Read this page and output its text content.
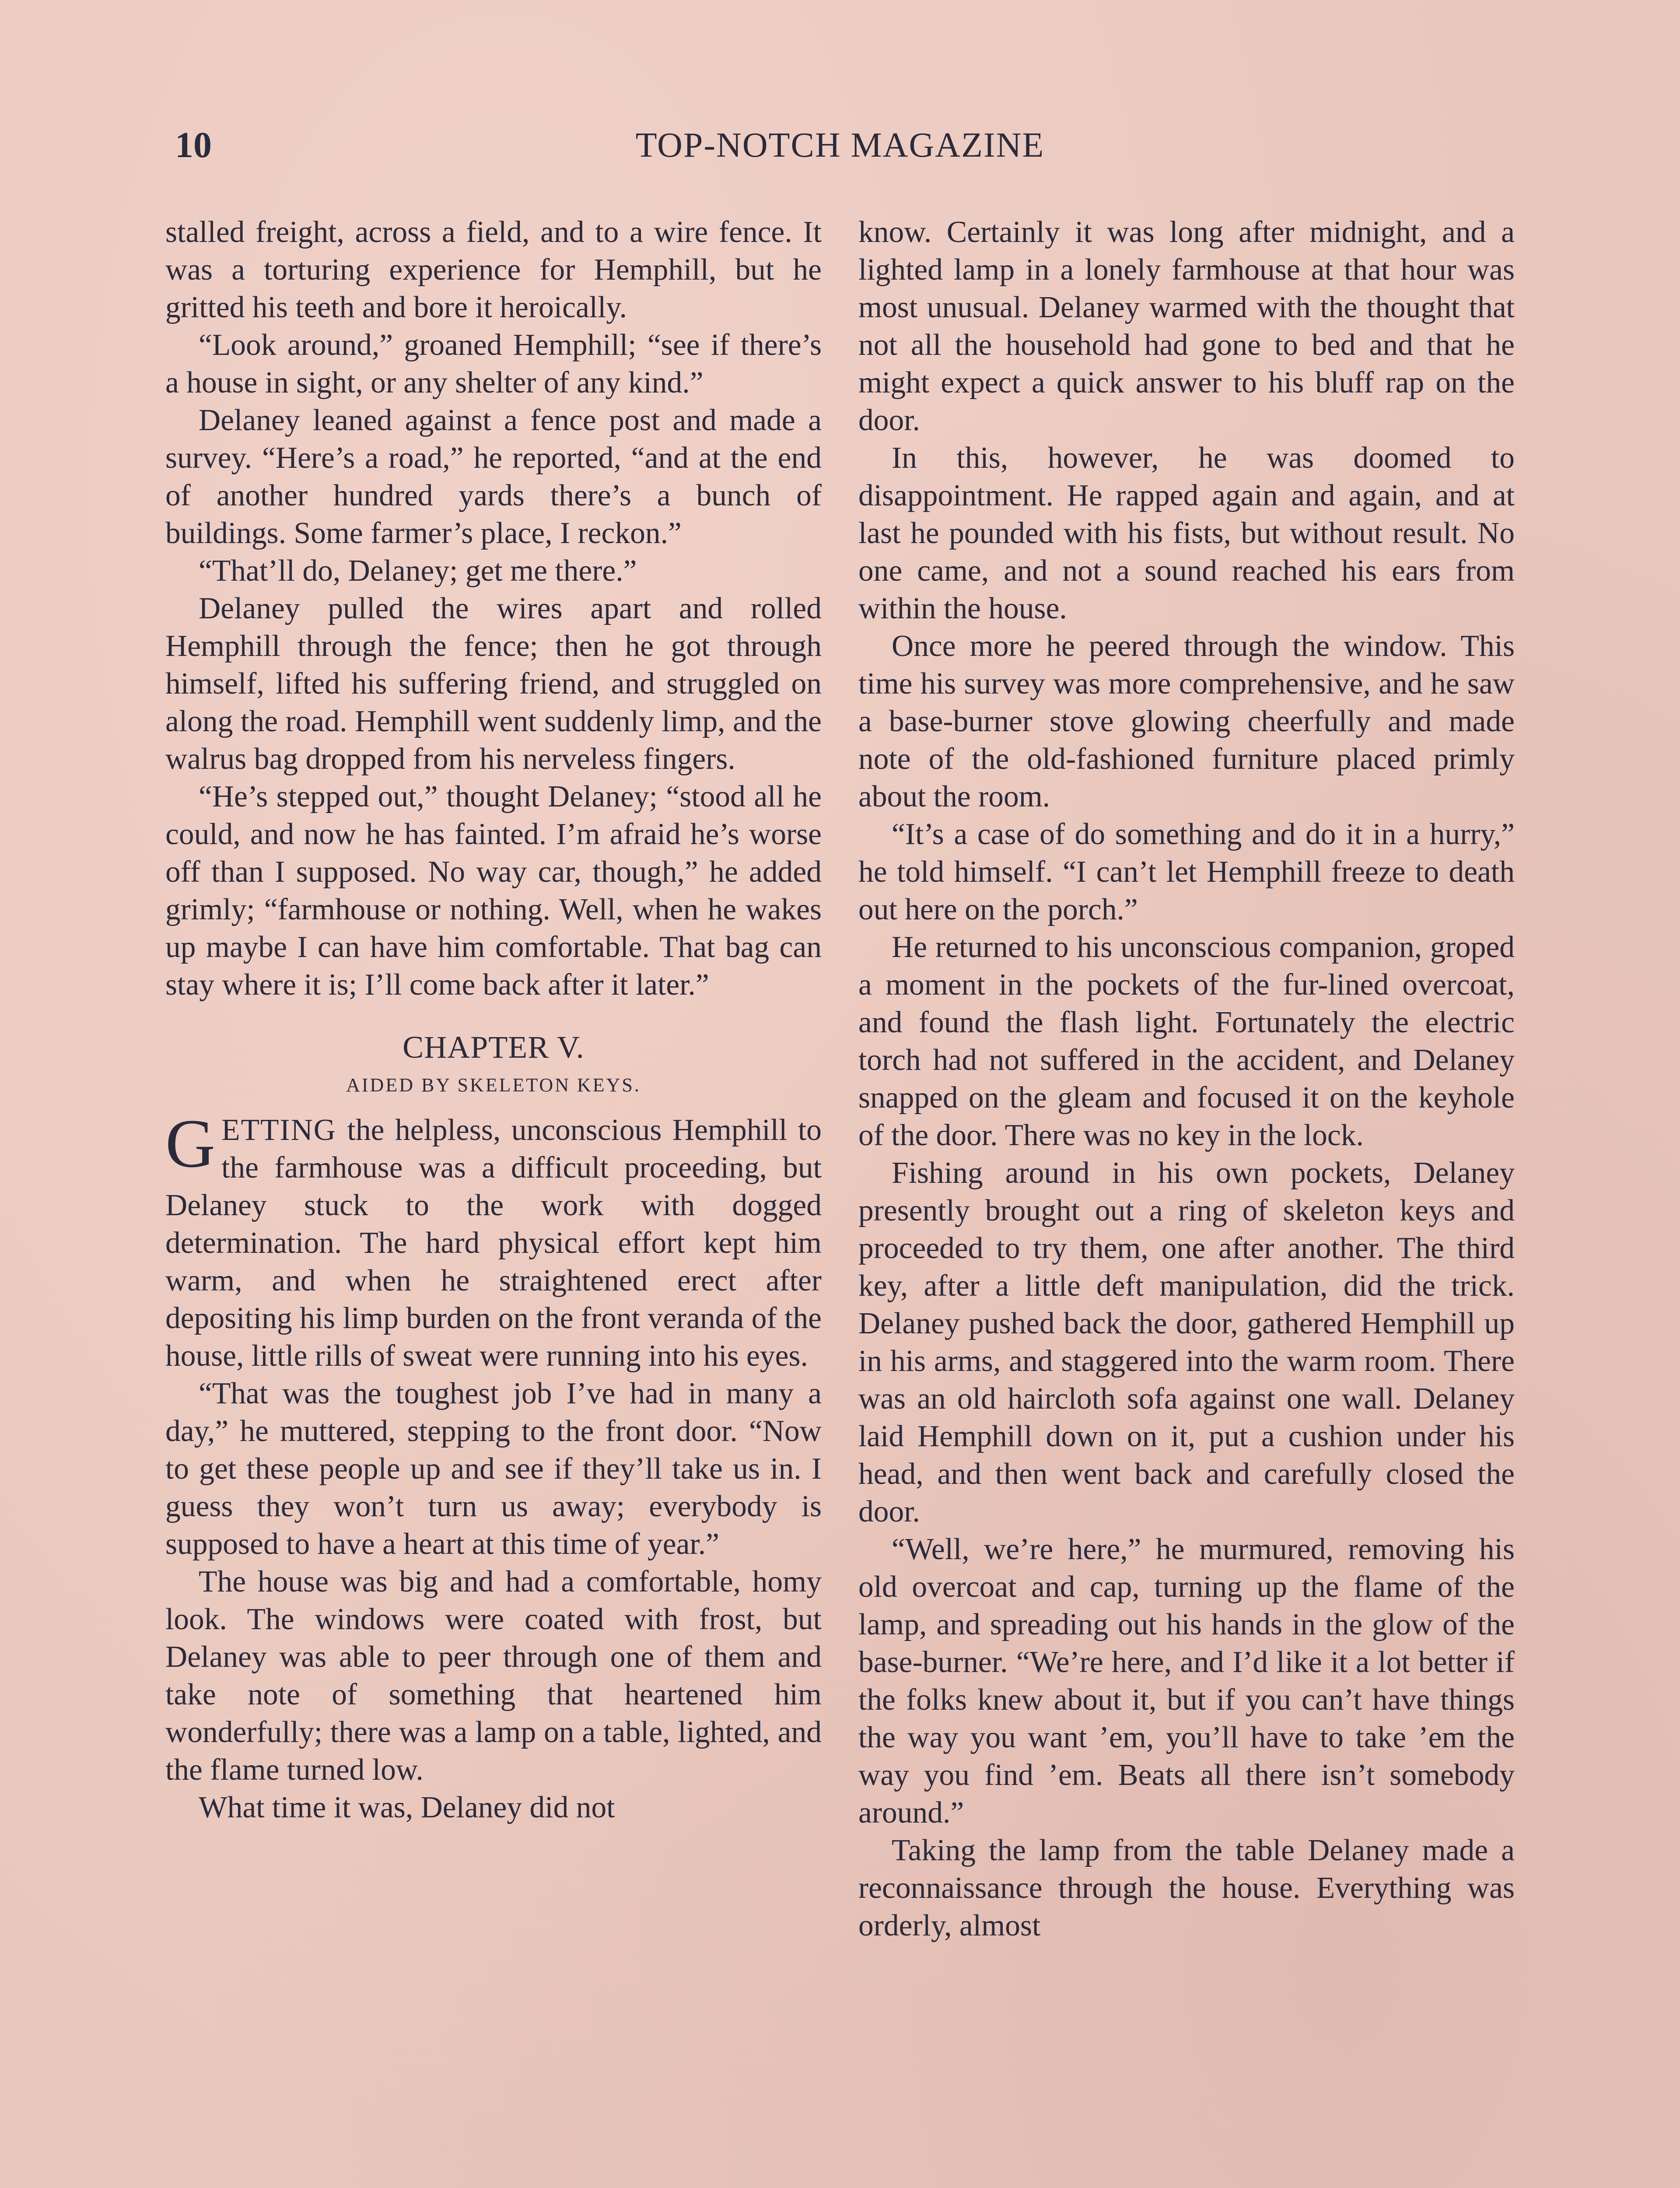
10	TOP-NOTCH MAGAZINE

stalled freight, across a field, and to a wire fence. It was a torturing experience for Hemphill, but he gritted his teeth and bore it heroically.

“Look around,” groaned Hemphill; “see if there’s a house in sight, or any shelter of any kind.”

Delaney leaned against a fence post and made a survey. “Here’s a road,” he reported, “and at the end of another hundred yards there’s a bunch of buildings. Some farmer’s place, I reckon.”

“That’ll do, Delaney; get me there.”

Delaney pulled the wires apart and rolled Hemphill through the fence; then he got through himself, lifted his suffering friend, and struggled on along the road. Hemphill went suddenly limp, and the walrus bag dropped from his nerveless fingers.

“He’s stepped out,” thought Delaney; “stood all he could, and now he has fainted. I’m afraid he’s worse off than I supposed. No way car, though,” he added grimly; “farmhouse or nothing. Well, when he wakes up maybe I can have him comfortable. That bag can stay where it is; I’ll come back after it later.”

CHAPTER V.
AIDED BY SKELETON KEYS.

GETTING the helpless, unconscious Hemphill to the farmhouse was a difficult proceeding, but Delaney stuck to the work with dogged determination. The hard physical effort kept him warm, and when he straightened erect after depositing his limp burden on the front veranda of the house, little rills of sweat were running into his eyes.

“That was the toughest job I’ve had in many a day,” he muttered, stepping to the front door. “Now to get these people up and see if they’ll take us in. I guess they won’t turn us away; everybody is supposed to have a heart at this time of year.”

The house was big and had a comfortable, homy look. The windows were coated with frost, but Delaney was able to peer through one of them and take note of something that heartened him wonderfully; there was a lamp on a table, lighted, and the flame turned low.

What time it was, Delaney did not

know. Certainly it was long after midnight, and a lighted lamp in a lonely farmhouse at that hour was most unusual. Delaney warmed with the thought that not all the household had gone to bed and that he might expect a quick answer to his bluff rap on the door.

In this, however, he was doomed to disappointment. He rapped again and again, and at last he pounded with his fists, but without result. No one came, and not a sound reached his ears from within the house.

Once more he peered through the window. This time his survey was more comprehensive, and he saw a base-burner stove glowing cheerfully and made note of the old-fashioned furniture placed primly about the room.

“It’s a case of do something and do it in a hurry,” he told himself. “I can’t let Hemphill freeze to death out here on the porch.”

He returned to his unconscious companion, groped a moment in the pockets of the fur-lined overcoat, and found the flash light. Fortunately the electric torch had not suffered in the accident, and Delaney snapped on the gleam and focused it on the keyhole of the door. There was no key in the lock.

Fishing around in his own pockets, Delaney presently brought out a ring of skeleton keys and proceeded to try them, one after another. The third key, after a little deft manipulation, did the trick. Delaney pushed back the door, gathered Hemphill up in his arms, and staggered into the warm room. There was an old haircloth sofa against one wall. Delaney laid Hemphill down on it, put a cushion under his head, and then went back and carefully closed the door.

“Well, we’re here,” he murmured, removing his old overcoat and cap, turning up the flame of the lamp, and spreading out his hands in the glow of the base-burner. “We’re here, and I’d like it a lot better if the folks knew about it, but if you can’t have things the way you want ’em, you’ll have to take ’em the way you find ’em. Beats all there isn’t somebody around.”

Taking the lamp from the table Delaney made a reconnaissance through the house. Everything was orderly, almost
